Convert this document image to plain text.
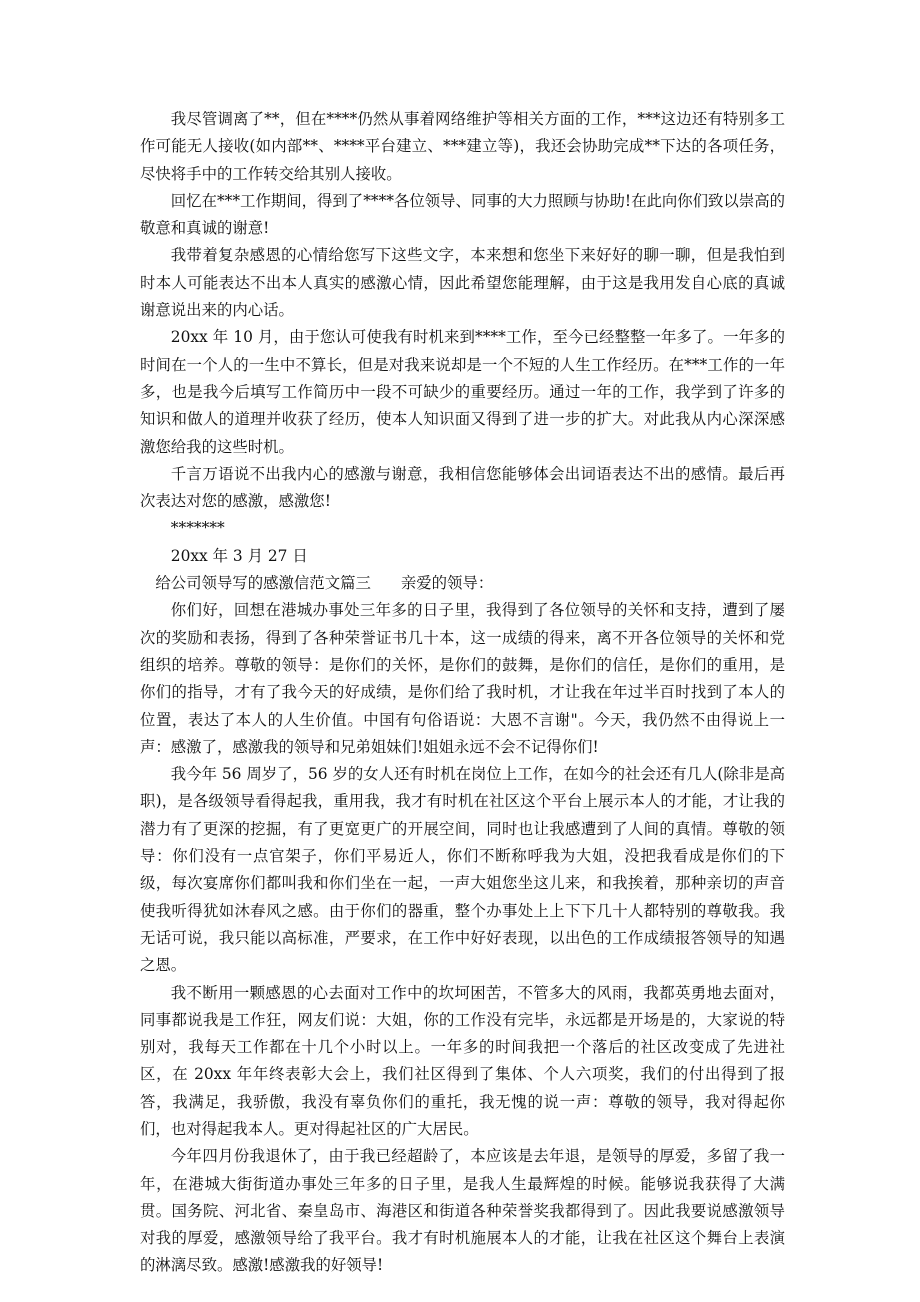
我尽管调离了**，但在****仍然从事着网络维护等相关方面的工作，***这边还有特别多工作可能无人接收(如内部**、****平台建立、***建立等)，我还会协助完成**下达的各项任务，尽快将手中的工作转交给其别人接收。

回忆在***工作期间，得到了****各位领导、同事的大力照顾与协助!在此向你们致以崇高的敬意和真诚的谢意!

我带着复杂感恩的心情给您写下这些文字，本来想和您坐下来好好的聊一聊，但是我怕到时本人可能表达不出本人真实的感激心情，因此希望您能理解，由于这是我用发自心底的真诚谢意说出来的内心话。

20xx 年 10 月，由于您认可使我有时机来到****工作，至今已经整整一年多了。一年多的时间在一个人的一生中不算长，但是对我来说却是一个不短的人生工作经历。在***工作的一年多，也是我今后填写工作简历中一段不可缺少的重要经历。通过一年的工作，我学到了许多的知识和做人的道理并收获了经历，使本人知识面又得到了进一步的扩大。对此我从内心深深感激您给我的这些时机。

千言万语说不出我内心的感激与谢意，我相信您能够体会出词语表达不出的感情。最后再次表达对您的感激，感激您!

*******

20xx 年 3 月 27 日

给公司领导写的感激信范文篇三 亲爱的领导：

你们好，回想在港城办事处三年多的日子里，我得到了各位领导的关怀和支持，遭到了屡次的奖励和表扬，得到了各种荣誉证书几十本，这一成绩的得来，离不开各位领导的关怀和党组织的培养。尊敬的领导：是你们的关怀，是你们的鼓舞，是你们的信任，是你们的重用，是你们的指导，才有了我今天的好成绩，是你们给了我时机，才让我在年过半百时找到了本人的位置，表达了本人的人生价值。中国有句俗语说：大恩不言谢"。今天，我仍然不由得说上一声：感激了，感激我的领导和兄弟姐妹们!姐姐永远不会不记得你们!

我今年 56 周岁了，56 岁的女人还有时机在岗位上工作，在如今的社会还有几人(除非是高职)，是各级领导看得起我，重用我，我才有时机在社区这个平台上展示本人的才能，才让我的潜力有了更深的挖掘，有了更宽更广的开展空间，同时也让我感遭到了人间的真情。尊敬的领导：你们没有一点官架子，你们平易近人，你们不断称呼我为大姐，没把我看成是你们的下级，每次宴席你们都叫我和你们坐在一起，一声大姐您坐这儿来，和我挨着，那种亲切的声音使我听得犹如沐春风之感。由于你们的器重，整个办事处上上下下几十人都特别的尊敬我。我无话可说，我只能以高标准，严要求，在工作中好好表现，以出色的工作成绩报答领导的知遇之恩。

我不断用一颗感恩的心去面对工作中的坎坷困苦，不管多大的风雨，我都英勇地去面对，同事都说我是工作狂，网友们说：大姐，你的工作没有完毕，永远都是开场是的，大家说的特别对，我每天工作都在十几个小时以上。一年多的时间我把一个落后的社区改变成了先进社区，在 20xx 年年终表彰大会上，我们社区得到了集体、个人六项奖，我们的付出得到了报答，我满足，我骄傲，我没有辜负你们的重托，我无愧的说一声：尊敬的领导，我对得起你们，也对得起我本人。更对得起社区的广大居民。

今年四月份我退休了，由于我已经超龄了，本应该是去年退，是领导的厚爱，多留了我一年，在港城大街街道办事处三年多的日子里，是我人生最辉煌的时候。能够说我获得了大满贯。国务院、河北省、秦皇岛市、海港区和街道各种荣誉奖我都得到了。因此我要说感激领导对我的厚爱，感激领导给了我平台。我才有时机施展本人的才能，让我在社区这个舞台上表演的淋漓尽致。感激!感激我的好领导!
